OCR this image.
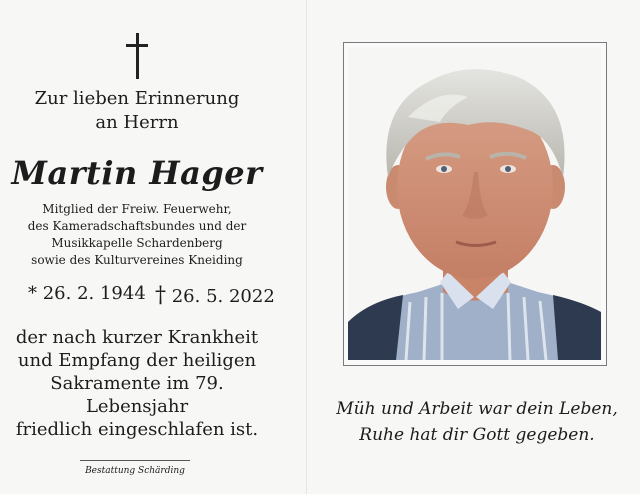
Zur lieben Erinnerung
an Herrn
Martin Hager
Mitglied der Freiw. Feuerwehr,
des Kameradschaftsbundes und der
Musikkapelle Schardenberg
sowie des Kulturvereines Kneiding
* 26. 2. 1944 † 26. 5. 2022
der nach kurzer Krankheit
und Empfang der heiligen
Sakramente im 79. Lebensjahr
friedlich eingeschlafen ist.
Bestattung Schärding
Müh und Arbeit war dein Leben,
Ruhe hat dir Gott gegeben.
